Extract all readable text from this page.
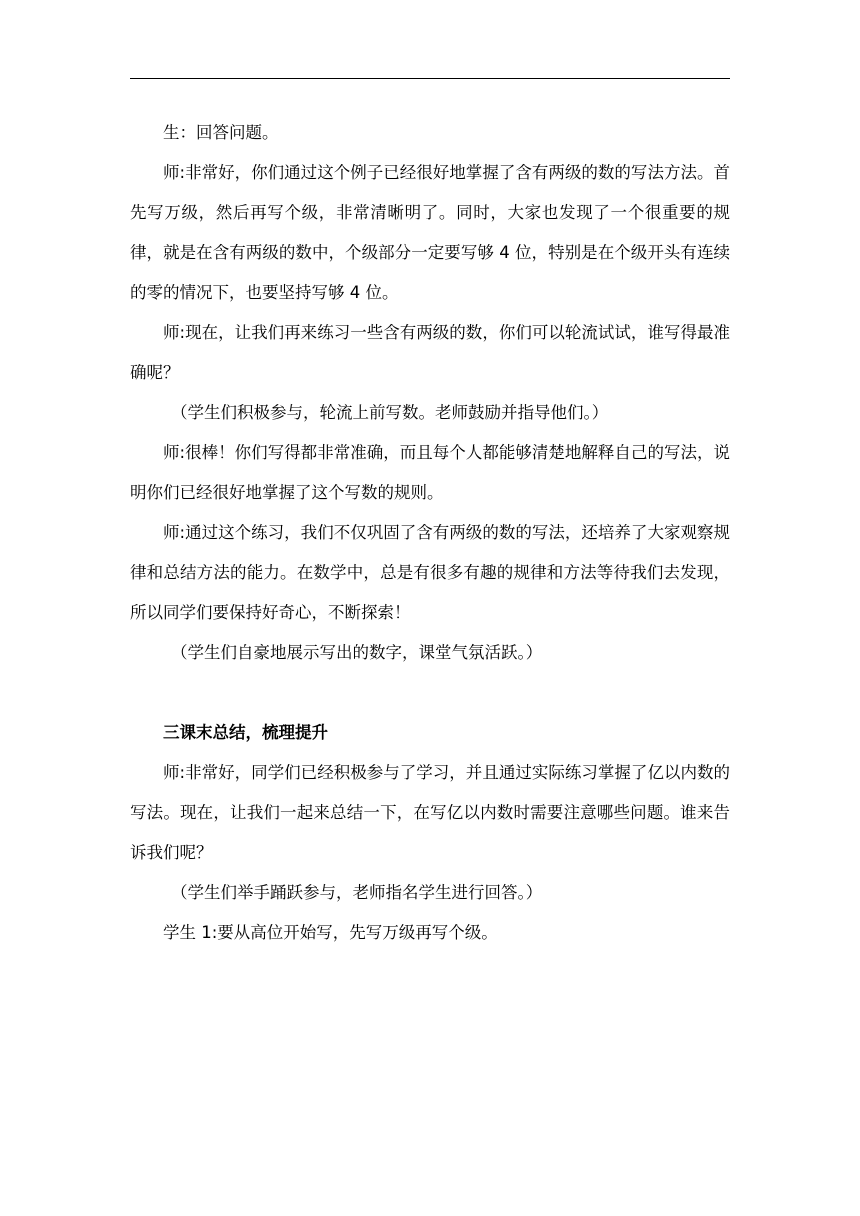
生：回答问题。

师:非常好，你们通过这个例子已经很好地掌握了含有两级的数的写法方法。首先写万级，然后再写个级，非常清晰明了。同时，大家也发现了一个很重要的规律，就是在含有两级的数中，个级部分一定要写够 4 位，特别是在个级开头有连续的零的情况下，也要坚持写够 4 位。

师:现在，让我们再来练习一些含有两级的数，你们可以轮流试试，谁写得最准确呢？

（学生们积极参与，轮流上前写数。老师鼓励并指导他们。）

师:很棒！你们写得都非常准确，而且每个人都能够清楚地解释自己的写法，说明你们已经很好地掌握了这个写数的规则。

师:通过这个练习，我们不仅巩固了含有两级的数的写法，还培养了大家观察规律和总结方法的能力。在数学中，总是有很多有趣的规律和方法等待我们去发现，所以同学们要保持好奇心，不断探索！

（学生们自豪地展示写出的数字，课堂气氛活跃。）

三课末总结，梳理提升

师:非常好，同学们已经积极参与了学习，并且通过实际练习掌握了亿以内数的写法。现在，让我们一起来总结一下，在写亿以内数时需要注意哪些问题。谁来告诉我们呢？

（学生们举手踊跃参与，老师指名学生进行回答。）

学生 1:要从高位开始写，先写万级再写个级。
